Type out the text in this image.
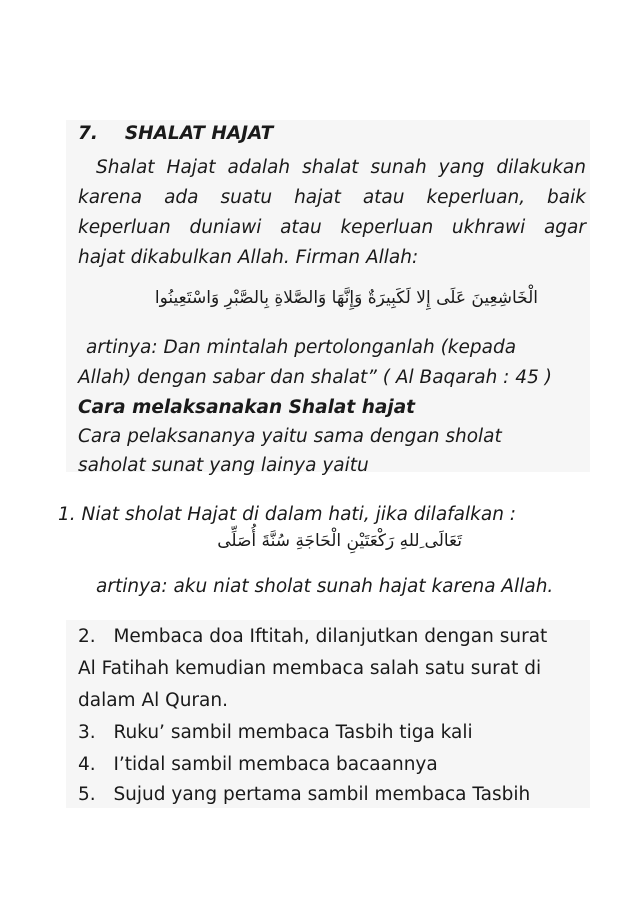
7. SHALAT HAJAT
Shalat Hajat adalah shalat sunah yang dilakukan
karena ada suatu hajat atau keperluan, baik
keperluan duniawi atau keperluan ukhrawi agar
hajat dikabulkan Allah. Firman Allah:
الْخَاشِعِينَ عَلَى إِلا لَكَبِيرَةٌ وَإِنَّهَا وَالصَّلاةِ بِالصَّبْرِ وَاسْتَعِينُوا
artinya: Dan mintalah pertolonganlah (kepada
Allah) dengan sabar dan shalat” ( Al Baqarah : 45 )
Cara melaksanakan Shalat hajat
Cara pelaksananya yaitu sama dengan sholat
saholat sunat yang lainya yaitu
1. Niat sholat Hajat di dalam hati, jika dilafalkan :
تَعَالَى ِللهِ رَكْعَتَيْنِ الْحَاجَةِ سُنَّةَ أُصَلِّى
artinya: aku niat sholat sunah hajat karena Allah.
2. Membaca doa Iftitah, dilanjutkan dengan surat
Al Fatihah kemudian membaca salah satu surat di
dalam Al Quran.
3. Ruku’ sambil membaca Tasbih tiga kali
4. I’tidal sambil membaca bacaannya
5. Sujud yang pertama sambil membaca Tasbih
